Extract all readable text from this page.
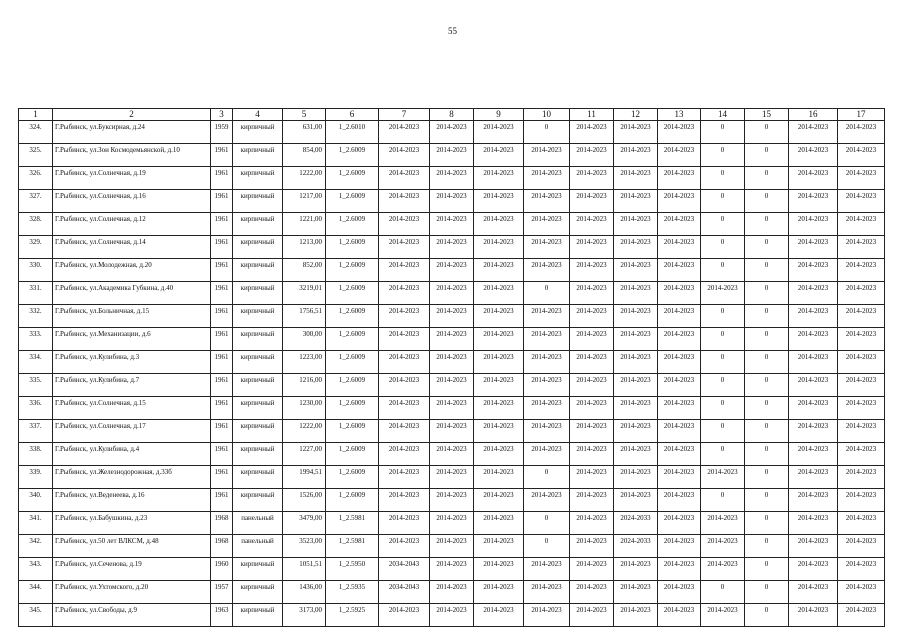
55
1	2	3	4	5	6	7	8	9	10	11	12	13	14	15	16	17
324.	Г.Рыбинск, ул.Буксирная, д.24	1959	кирпичный	631,00	1_2.6010	2014-2023	2014-2023	2014-2023	0	2014-2023	2014-2023	2014-2023	0	0	2014-2023	2014-2023
325.	Г.Рыбинск, ул.Зои Космодемьянской, д.10	1961	кирпичный	854,00	1_2.6009	2014-2023	2014-2023	2014-2023	2014-2023	2014-2023	2014-2023	2014-2023	0	0	2014-2023	2014-2023
326.	Г.Рыбинск, ул.Солнечная, д.19	1961	кирпичный	1222,00	1_2.6009	2014-2023	2014-2023	2014-2023	2014-2023	2014-2023	2014-2023	2014-2023	0	0	2014-2023	2014-2023
327.	Г.Рыбинск, ул.Солнечная, д.16	1961	кирпичный	1217,00	1_2.6009	2014-2023	2014-2023	2014-2023	2014-2023	2014-2023	2014-2023	2014-2023	0	0	2014-2023	2014-2023
328.	Г.Рыбинск, ул.Солнечная, д.12	1961	кирпичный	1221,00	1_2.6009	2014-2023	2014-2023	2014-2023	2014-2023	2014-2023	2014-2023	2014-2023	0	0	2014-2023	2014-2023
329.	Г.Рыбинск, ул.Солнечная, д.14	1961	кирпичный	1213,00	1_2.6009	2014-2023	2014-2023	2014-2023	2014-2023	2014-2023	2014-2023	2014-2023	0	0	2014-2023	2014-2023
330.	Г.Рыбинск, ул.Молодежная, д.20	1961	кирпичный	852,00	1_2.6009	2014-2023	2014-2023	2014-2023	2014-2023	2014-2023	2014-2023	2014-2023	0	0	2014-2023	2014-2023
331.	Г.Рыбинск, ул.Академика Губкина, д.40	1961	кирпичный	3219,01	1_2.6009	2014-2023	2014-2023	2014-2023	0	2014-2023	2014-2023	2014-2023	2014-2023	0	2014-2023	2014-2023
332.	Г.Рыбинск, ул.Больничная, д.15	1961	кирпичный	1756,51	1_2.6009	2014-2023	2014-2023	2014-2023	2014-2023	2014-2023	2014-2023	2014-2023	0	0	2014-2023	2014-2023
333.	Г.Рыбинск, ул.Механизации, д.6	1961	кирпичный	300,00	1_2.6009	2014-2023	2014-2023	2014-2023	2014-2023	2014-2023	2014-2023	2014-2023	0	0	2014-2023	2014-2023
334.	Г.Рыбинск, ул.Кулибина, д.3	1961	кирпичный	1223,00	1_2.6009	2014-2023	2014-2023	2014-2023	2014-2023	2014-2023	2014-2023	2014-2023	0	0	2014-2023	2014-2023
335.	Г.Рыбинск, ул.Кулибина, д.7	1961	кирпичный	1216,00	1_2.6009	2014-2023	2014-2023	2014-2023	2014-2023	2014-2023	2014-2023	2014-2023	0	0	2014-2023	2014-2023
336.	Г.Рыбинск, ул.Солнечная, д.15	1961	кирпичный	1230,00	1_2.6009	2014-2023	2014-2023	2014-2023	2014-2023	2014-2023	2014-2023	2014-2023	0	0	2014-2023	2014-2023
337.	Г.Рыбинск, ул.Солнечная, д.17	1961	кирпичный	1222,00	1_2.6009	2014-2023	2014-2023	2014-2023	2014-2023	2014-2023	2014-2023	2014-2023	0	0	2014-2023	2014-2023
338.	Г.Рыбинск, ул.Кулибина, д.4	1961	кирпичный	1227,00	1_2.6009	2014-2023	2014-2023	2014-2023	2014-2023	2014-2023	2014-2023	2014-2023	0	0	2014-2023	2014-2023
339.	Г.Рыбинск, ул.Железнодорожная, д.33б	1961	кирпичный	1994,51	1_2.6009	2014-2023	2014-2023	2014-2023	0	2014-2023	2014-2023	2014-2023	2014-2023	0	2014-2023	2014-2023
340.	Г.Рыбинск, ул.Веденеева, д.16	1961	кирпичный	1526,00	1_2.6009	2014-2023	2014-2023	2014-2023	2014-2023	2014-2023	2014-2023	2014-2023	0	0	2014-2023	2014-2023
341.	Г.Рыбинск, ул.Бабушкина, д.23	1968	панельный	3479,00	1_2.5981	2014-2023	2014-2023	2014-2023	0	2014-2023	2024-2033	2014-2023	2014-2023	0	2014-2023	2014-2023
342.	Г.Рыбинск, ул.50 лет ВЛКСМ, д.48	1968	панельный	3523,00	1_2.5981	2014-2023	2014-2023	2014-2023	0	2014-2023	2024-2033	2014-2023	2014-2023	0	2014-2023	2014-2023
343.	Г.Рыбинск, ул.Сеченова, д.19	1960	кирпичный	1051,51	1_2.5950	2034-2043	2014-2023	2014-2023	2014-2023	2014-2023	2014-2023	2014-2023	2014-2023	0	2014-2023	2014-2023
344.	Г.Рыбинск, ул.Ухтомского, д.20	1957	кирпичный	1436,00	1_2.5935	2034-2043	2014-2023	2014-2023	2014-2023	2014-2023	2014-2023	2014-2023	0	0	2014-2023	2014-2023
345.	Г.Рыбинск, ул.Свободы, д.9	1963	кирпичный	3173,00	1_2.5925	2014-2023	2014-2023	2014-2023	2014-2023	2014-2023	2014-2023	2014-2023	2014-2023	0	2014-2023	2014-2023
